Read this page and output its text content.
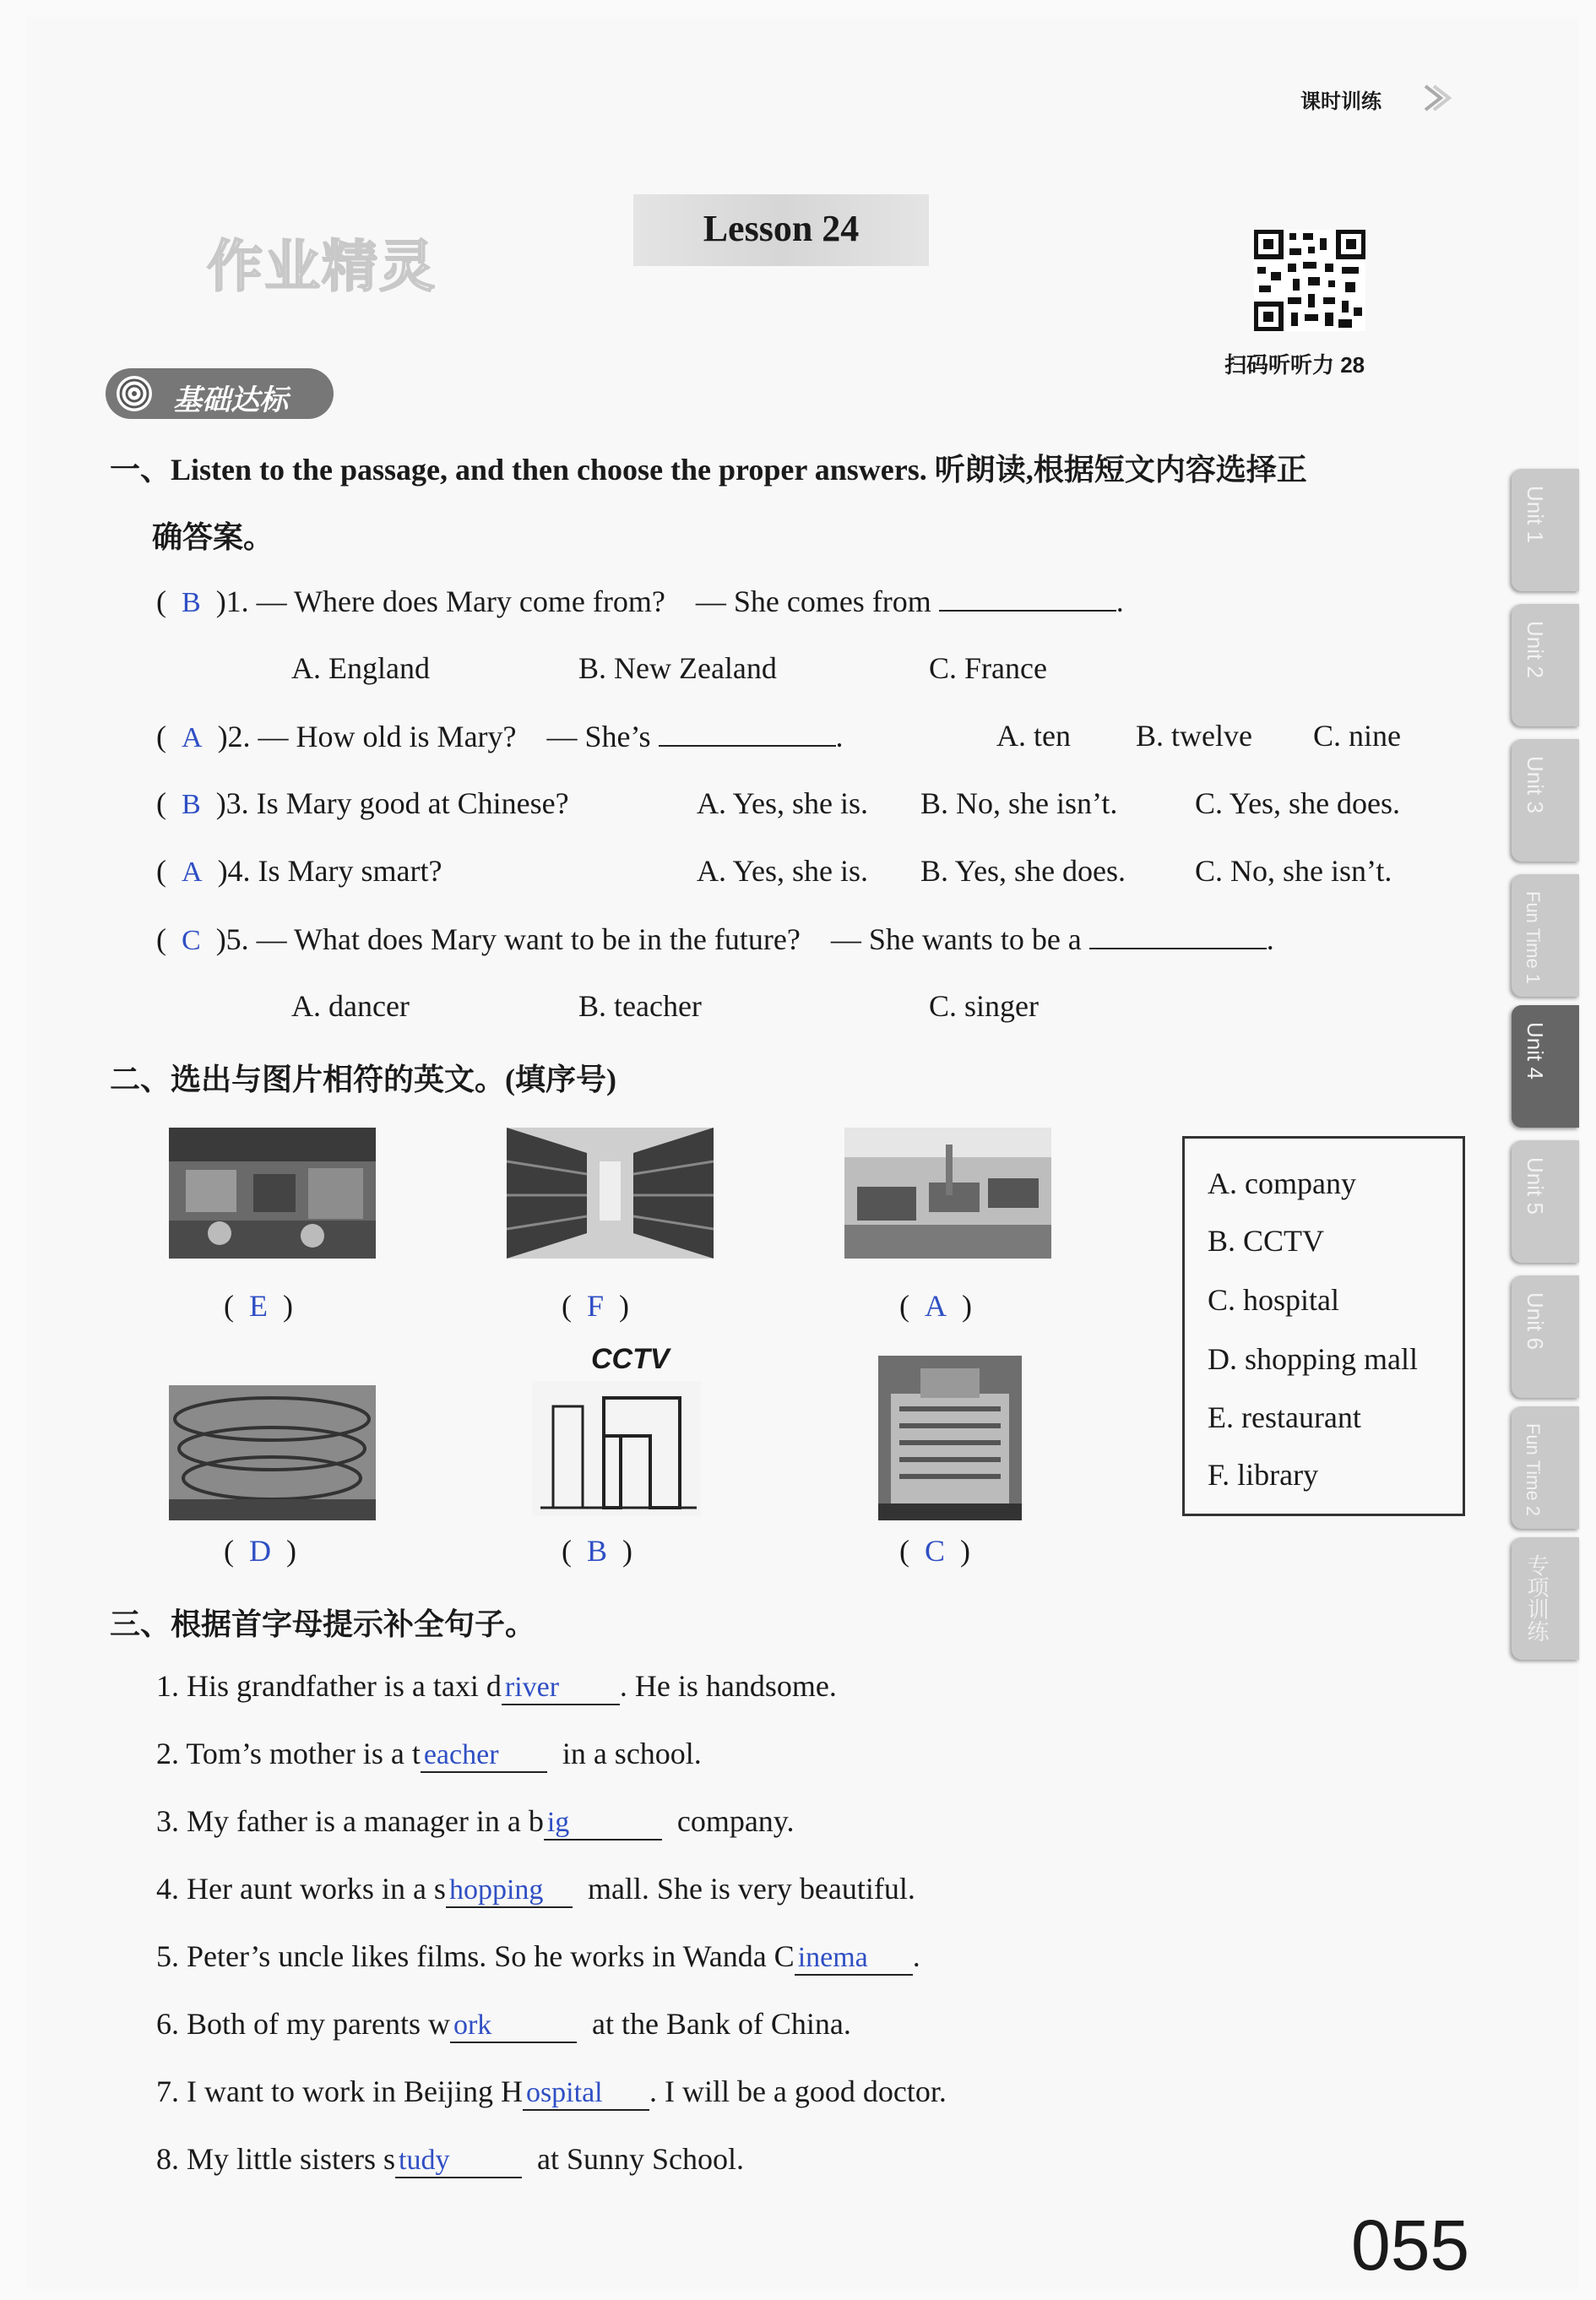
课时训练
Lesson 24
作业精灵
扫码听听力 28
基础达标
Unit 1
Unit 2
Unit 3
Fun Time 1
Unit 4
Unit 5
Unit 6
Fun Time 2
专项训练
一、Listen to the passage, and then choose the proper answers. 听朗读,根据短文内容选择正
确答案。
(  B )1. — Where does Mary come from? — She comes from	.
A. England	B. New Zealand	C. France
(  A )2. — How old is Mary? — She’s	.	A. ten B. twelve C. nine
(  B )3. Is Mary good at Chinese?	A. Yes, she is. B. No, she isn’t.	C. Yes, she does.
(  A )4. Is Mary smart?	A. Yes, she is. B. Yes, she does. C. No, she isn’t.
(  C )5. — What does Mary want to be in the future? — She wants to be a	.
A. dancer	B. teacher	C. singer
二、选出与图片相符的英文。(填序号)
(  E  )	(  F  )	(  A  )
CCTV
(  D  )	(  B  )	(  C  )
A. company
B. CCTV
C. hospital
D. shopping mall
E. restaurant
F. library
三、根据首字母提示补全句子。
1. His grandfather is a taxi d river . He is handsome.
2. Tom’s mother is a t eacher in a school.
3. My father is a manager in a b ig	company.
4. Her aunt works in a s hopping mall. She is very beautiful.
5. Peter’s uncle likes films. So he works in Wanda C inema .
6. Both of my parents w ork	at the Bank of China.
7. I want to work in Beijing H ospital . I will be a good doctor.
8. My little sisters s tudy	at Sunny School.
055
